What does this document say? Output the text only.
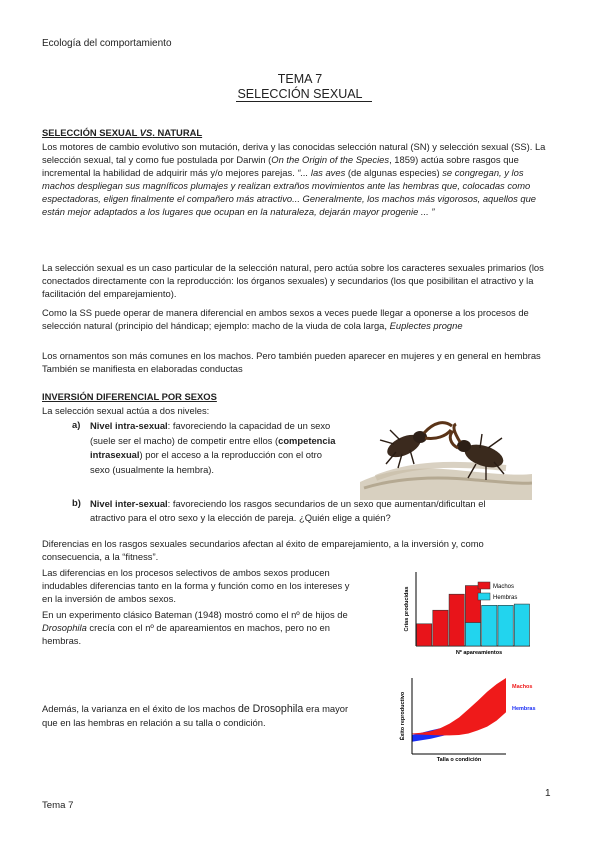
Ecología del comportamiento
TEMA 7
SELECCIÓN SEXUAL
SELECCIÓN SEXUAL VS. NATURAL
Los motores de cambio evolutivo son mutación, deriva y las conocidas selección natural (SN) y selección sexual (SS). La selección sexual, tal y como fue postulada por Darwin (On the Origin of the Species, 1859) actúa sobre rasgos que incremental la habilidad de adquirir más y/o mejores parejas. “... las aves (de algunas especies) se congregan, y los machos despliegan sus magníficos plumajes y realizan extraños movimientos ante las hembras que, colocadas como espectadoras, eligen finalmente el compañero más atractivo... Generalmente, los machos más vigorosos, aquellos que están mejor adaptados a los lugares que ocupan en la naturaleza, dejarán mayor progenie ... ”
La selección sexual es un caso particular de la selección natural, pero actúa sobre los caracteres sexuales primarios (los conectados directamente con la reproducción: los órganos sexuales) y secundarios (los que posibilitan el atractivo y la facilitación del emparejamiento).
Como la SS puede operar de manera diferencial en ambos sexos a veces puede llegar a oponerse a los procesos de selección natural (principio del hándicap; ejemplo: macho de la viuda de cola larga, Euplectes progne
Los ornamentos son más comunes en los machos. Pero también pueden aparecer en mujeres y en general en hembras También se manifiesta en elaboradas conductas
INVERSIÓN DIFERENCIAL POR SEXOS
La selección sexual actúa a dos niveles:
a) Nivel intra-sexual: favoreciendo la capacidad de un sexo (suele ser el macho) de competir entre ellos (competencia intrasexual) por el acceso a la reproducción con el otro sexo (usualmente la hembra).
b) Nivel inter-sexual: favoreciendo los rasgos secundarios de un sexo que aumentan/dificultan el atractivo para el otro sexo y la elección de pareja. ¿Quién elige a quién?
Diferencias en los rasgos sexuales secundarios afectan al éxito de emparejamiento, a la inversión y, como consecuencia, a la “fitness”.
Las diferencias en los procesos selectivos de ambos sexos producen indudables diferencias tanto en la forma y función como en los intereses y en la inversión de ambos sexos.
En un experimento clásico Bateman (1948) mostró como el nº de hijos de Drosophila crecía con el nº de apareamientos en machos, pero no en hembras.
Además, la varianza en el éxito de los machos de Drosophila era mayor que en las hembras en relación a su talla o condición.
Machos
Hembras
Nº apareamientos
Crías producidas
Machos
Hembras
Talla o condición
Éxito reproductivo
1
Tema 7
